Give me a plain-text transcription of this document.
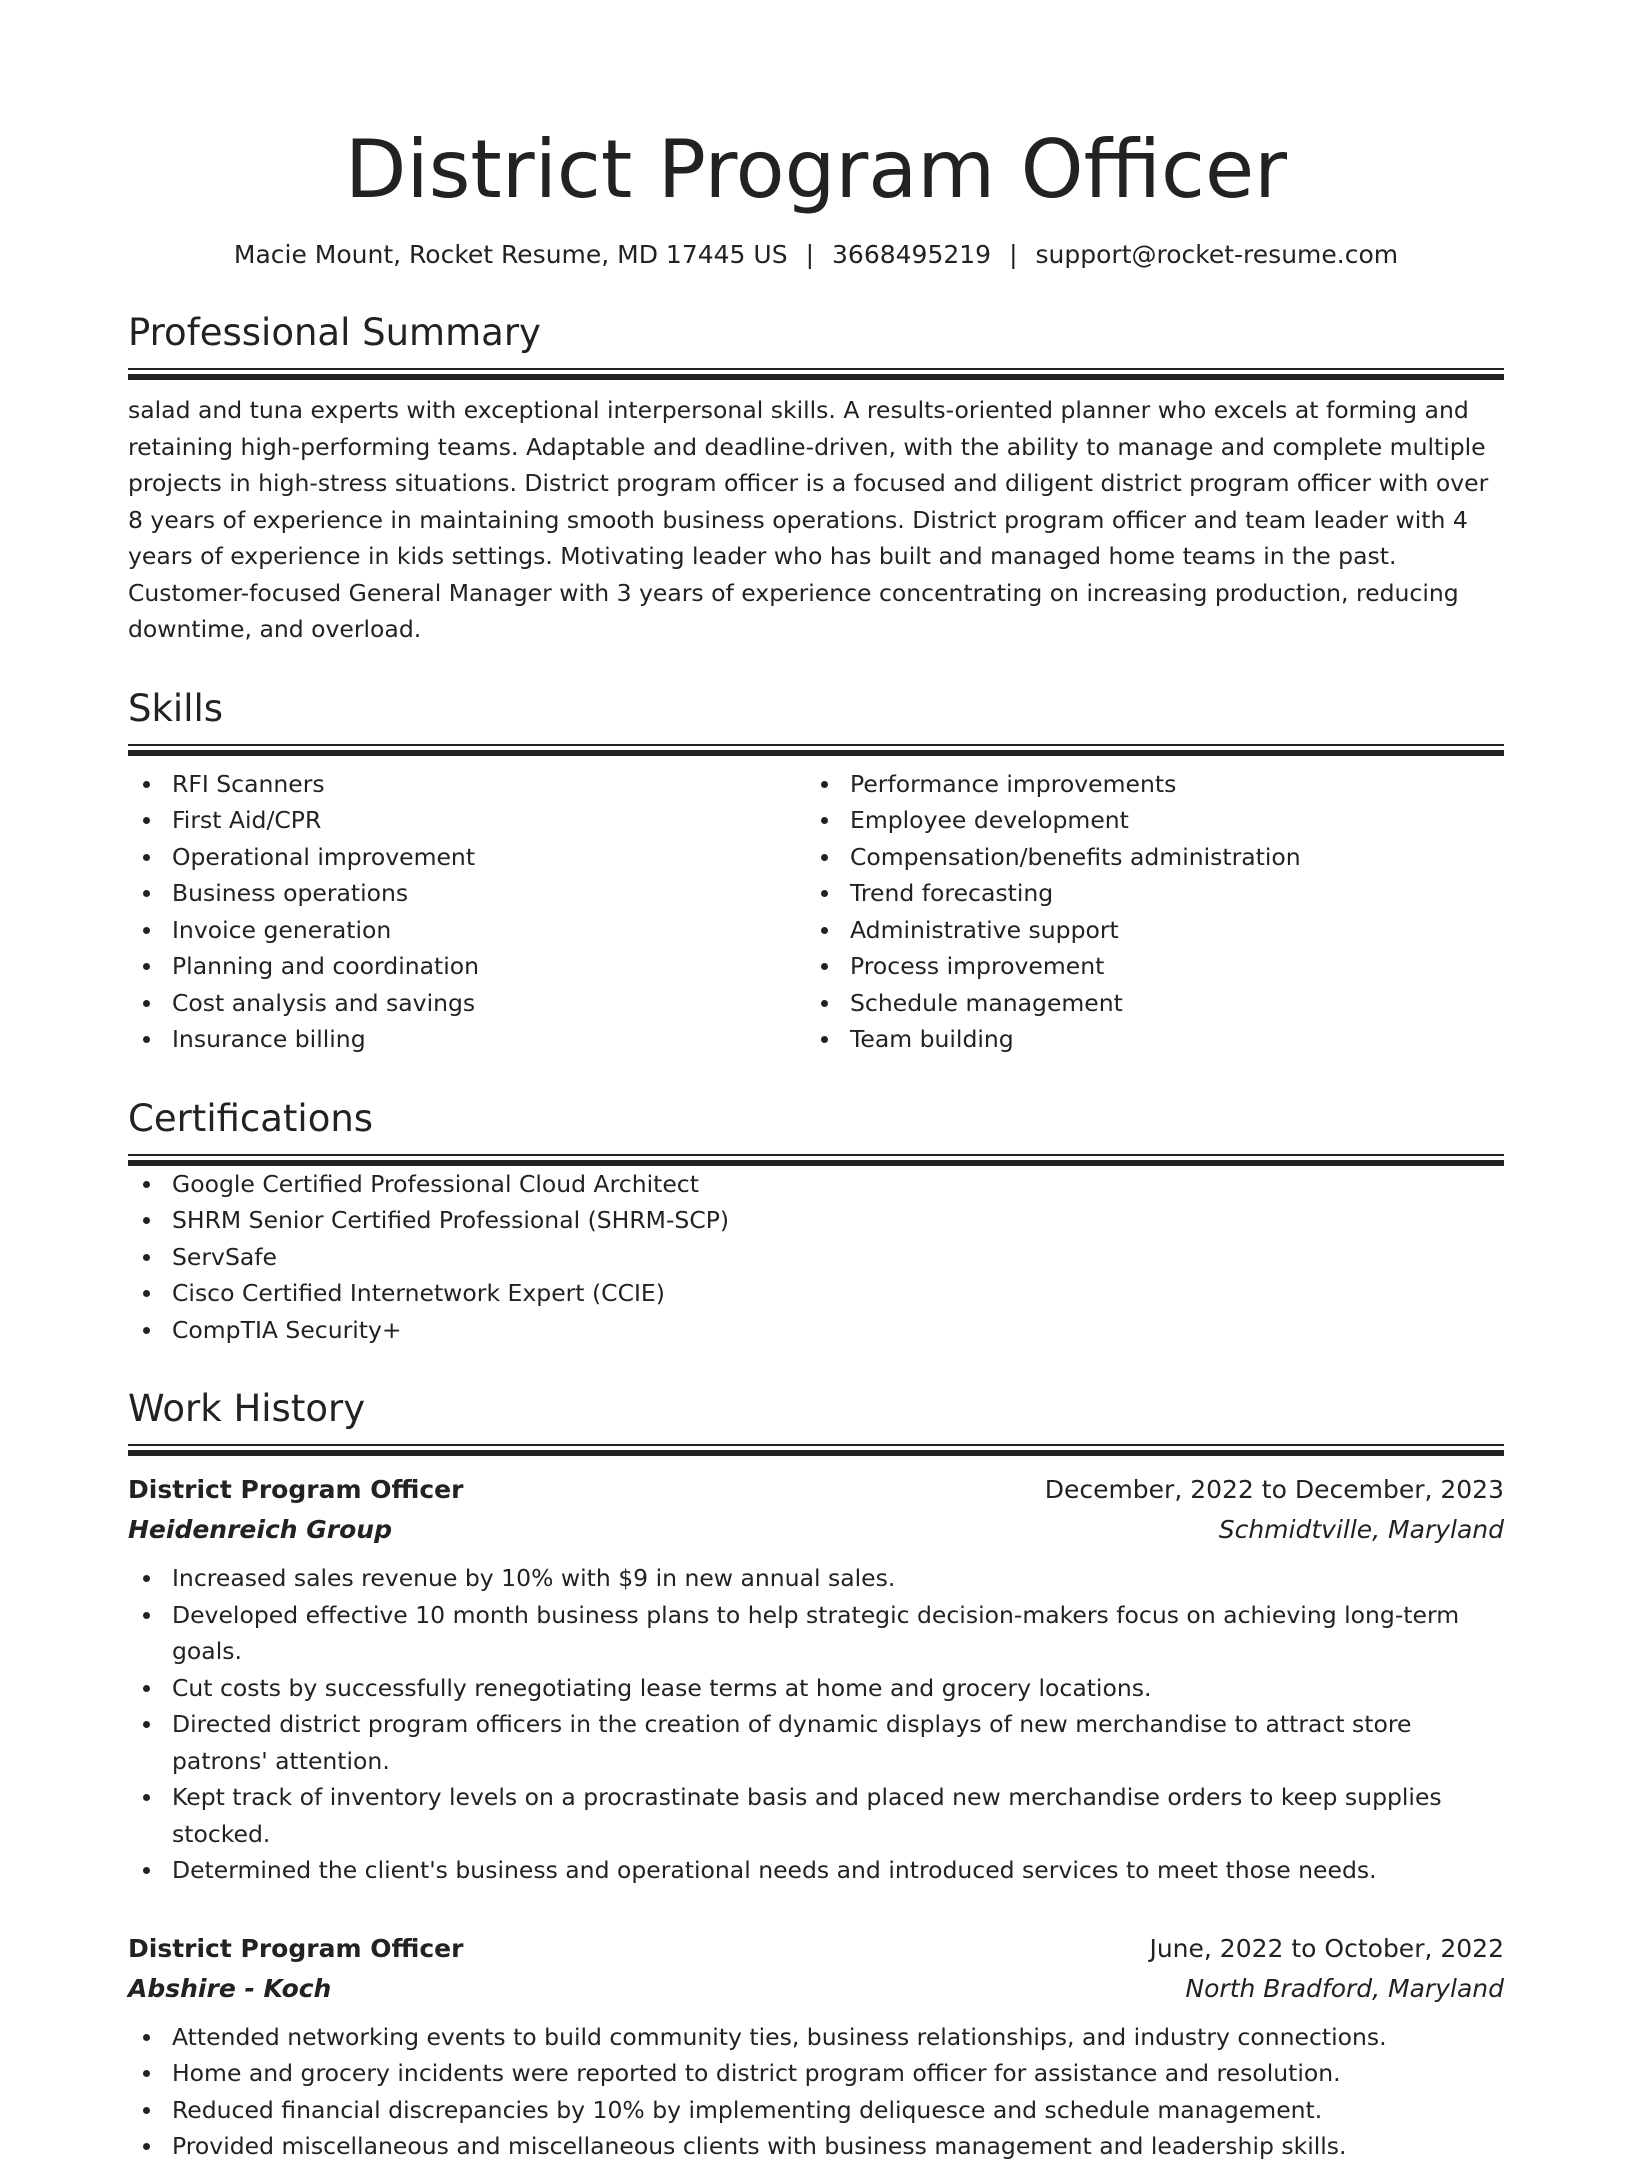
District Program Officer
Macie Mount, Rocket Resume, MD 17445 US | 3668495219 | support@rocket-resume.com
Professional Summary
salad and tuna experts with exceptional interpersonal skills. A results-oriented planner who excels at forming and retaining high-performing teams. Adaptable and deadline-driven, with the ability to manage and complete multiple projects in high-stress situations. District program officer is a focused and diligent district program officer with over 8 years of experience in maintaining smooth business operations. District program officer and team leader with 4 years of experience in kids settings. Motivating leader who has built and managed home teams in the past. Customer-focused General Manager with 3 years of experience concentrating on increasing production, reducing downtime, and overload.
Skills
RFI Scanners
First Aid/CPR
Operational improvement
Business operations
Invoice generation
Planning and coordination
Cost analysis and savings
Insurance billing
Performance improvements
Employee development
Compensation/benefits administration
Trend forecasting
Administrative support
Process improvement
Schedule management
Team building
Certifications
Google Certified Professional Cloud Architect
SHRM Senior Certified Professional (SHRM-SCP)
ServSafe
Cisco Certified Internetwork Expert (CCIE)
CompTIA Security+
Work History
District Program Officer	December, 2022 to December, 2023
Heidenreich Group	Schmidtville, Maryland
Increased sales revenue by 10% with $9 in new annual sales.
Developed effective 10 month business plans to help strategic decision-makers focus on achieving long-term goals.
Cut costs by successfully renegotiating lease terms at home and grocery locations.
Directed district program officers in the creation of dynamic displays of new merchandise to attract store patrons' attention.
Kept track of inventory levels on a procrastinate basis and placed new merchandise orders to keep supplies stocked.
Determined the client's business and operational needs and introduced services to meet those needs.
District Program Officer	June, 2022 to October, 2022
Abshire - Koch	North Bradford, Maryland
Attended networking events to build community ties, business relationships, and industry connections.
Home and grocery incidents were reported to district program officer for assistance and resolution.
Reduced financial discrepancies by 10% by implementing deliquesce and schedule management.
Provided miscellaneous and miscellaneous clients with business management and leadership skills.
